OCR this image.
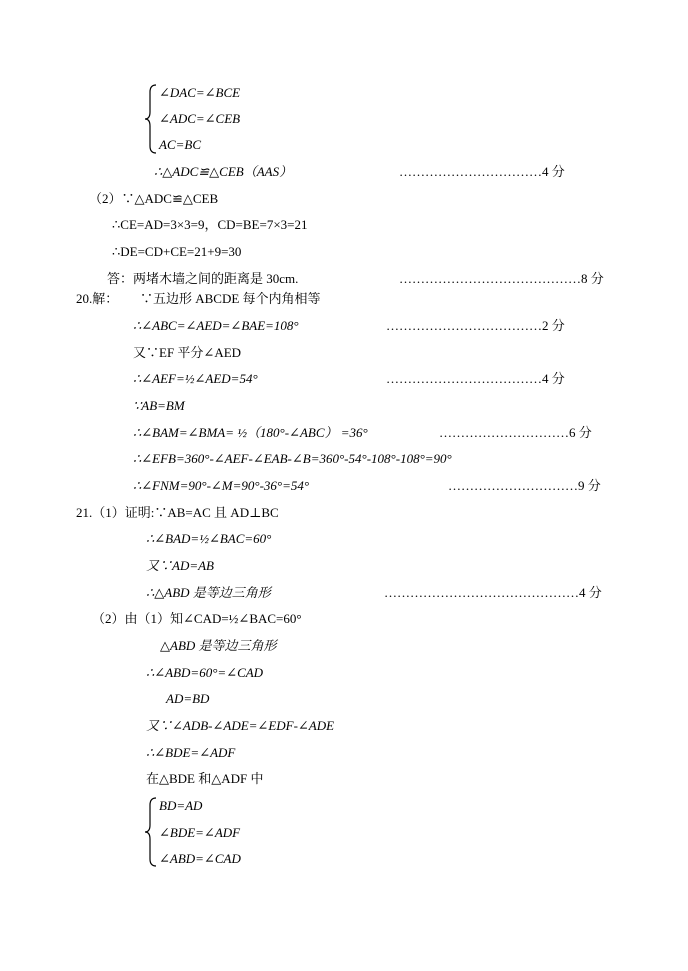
∠DAC=∠BCE
∠ADC=∠CEB
AC=BC
∴△ADC≌△CEB（AAS）	……………………………4 分
（2）∵△ADC≌△CEB
∴CE=AD=3×3=9，CD=BE=7×3=21
∴DE=CD+CE=21+9=30
答：两堵木墙之间的距离是 30cm.	……………………………………8 分
20.解： ∵五边形 ABCDE 每个内角相等
∴∠ABC=∠AED=∠BAE=108°	………………………………2 分
又∵EF 平分∠AED
∴∠AEF=½∠AED=54°	………………………………4 分
∵AB=BM
∴∠BAM=∠BMA= ½（180°-∠ABC） =36°	…………………………6 分
∴∠EFB=360°-∠AEF-∠EAB-∠B=360°-54°-108°-108°=90°
∴∠FNM=90°-∠M=90°-36°=54°	…………………………9 分
21.（1）证明:∵AB=AC 且 AD⊥BC
∴∠BAD=½∠BAC=60°
又∵AD=AB
∴△ABD 是等边三角形	………………………………………4 分
（2）由（1）知∠CAD=½∠BAC=60°
△ABD 是等边三角形
∴∠ABD=60°=∠CAD
AD=BD
又∵∠ADB-∠ADE=∠EDF-∠ADE
∴∠BDE=∠ADF
在△BDE 和△ADF 中
BD=AD
∠BDE=∠ADF
∠ABD=∠CAD
